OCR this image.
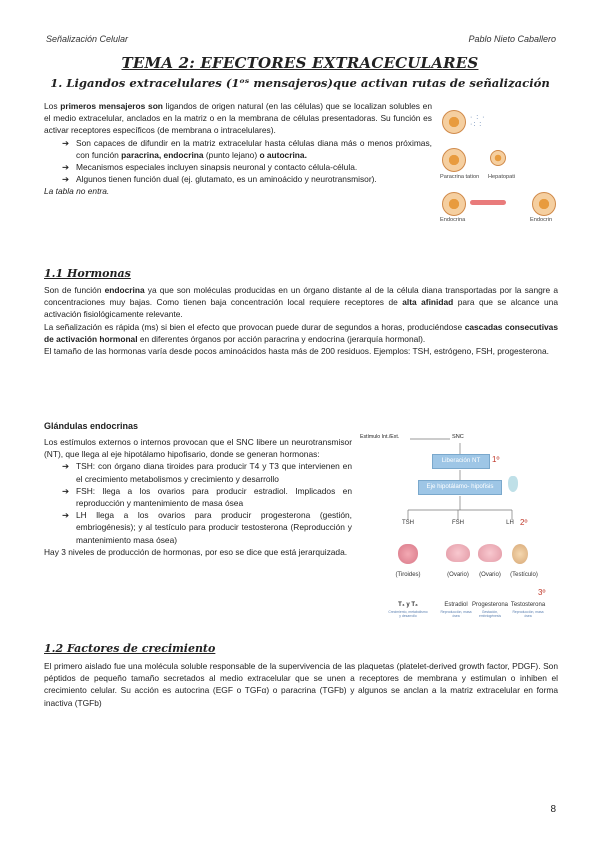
Señalización Celular	Pablo Nieto Caballero
TEMA 2: EFECTORES EXTRACECULARES
1. Ligandos extracelulares (1ᵒˢ mensajeros)que activan rutas de señalización

Los primeros mensajeros son ligandos de origen natural (en las células) que se localizan solubles en el medio extracelular, anclados en la matriz o en la membrana de células presentadoras. Su función es activar receptores específicos (de membrana o intracelulares).

➔ Son capaces de difundir en la matriz extracelular hasta células diana más o menos próximas, con función paracrina, endocrina (punto lejano) o autocrina.
➔ Mecanismos especiales incluyen sinapsis neuronal y contacto célula-célula.
➔ Algunos tienen función dual (ej. glutamato, es un aminoácido y neurotransmisor).

La tabla no entra.

· : ·
·: :
Paracrina tation Hepatopati
Endocrina	Endocrin
1.1 Hormonas

Son de función endocrina ya que son moléculas producidas en un órgano distante al de la célula diana transportadas por la sangre a concentraciones muy bajas. Como tienen baja concentración local requiere receptores de alta afinidad para que se alcance una activación fisiológicamente relevante.

La señalización es rápida (ms) si bien el efecto que provocan puede durar de segundos a horas, produciéndose cascadas consecutivas de activación hormonal en diferentes órganos por acción paracrina y endocrina (jerarquía hormonal).

El tamaño de las hormonas varía desde pocos aminoácidos hasta más de 200 residuos. Ejemplos: TSH, estrógeno, FSH, progesterona.

Glándulas endocrinas

Los estímulos externos o internos provocan que el SNC libere un neurotransmisor (NT), que llega al eje hipotálamo hipofisario, donde se generan hormonas:

➔ TSH: con órgano diana tiroides para producir T4 y T3 que intervienen en el crecimiento metabolismos y crecimiento y desarrollo
➔ FSH: llega a los ovarios para producir estradiol. Implicados en reproducción y mantenimiento de masa ósea
➔ LH llega a los ovarios para producir progesterona (gestión, embriogénesis); y al testículo para producir testosterona (Reproducción y mantenimiento masa ósea)

Hay 3 niveles de producción de hormonas, por eso se dice que está jerarquizada.

Estímulo Int./Ext.	SNC
Liberación NT	1º
Eje hipotálamo- hipofisis
TSH	FSH	LH 2º
(Tiroides)	(Ovario)	(Ovario)	(Testículo)
3º
T₄ y T₃	Estradiol Progesterona Testosterona
Crecimiento, metabolismo y desarrollo
Reproducción, masa ósea
Gestación, embriogénesis
Reproducción, masa ósea
1.2 Factores de crecimiento

El primero aislado fue una molécula soluble responsable de la supervivencia de las plaquetas (platelet-derived growth factor, PDGF). Son péptidos de pequeño tamaño secretados al medio extracelular que se unen a receptores de membrana y estimulan o inhiben el crecimiento celular. Su acción es autocrina (EGF o TGFα) o paracrina (TGFb) y algunos se anclan a la matriz extracelular en forma inactiva (TGFb)

8
